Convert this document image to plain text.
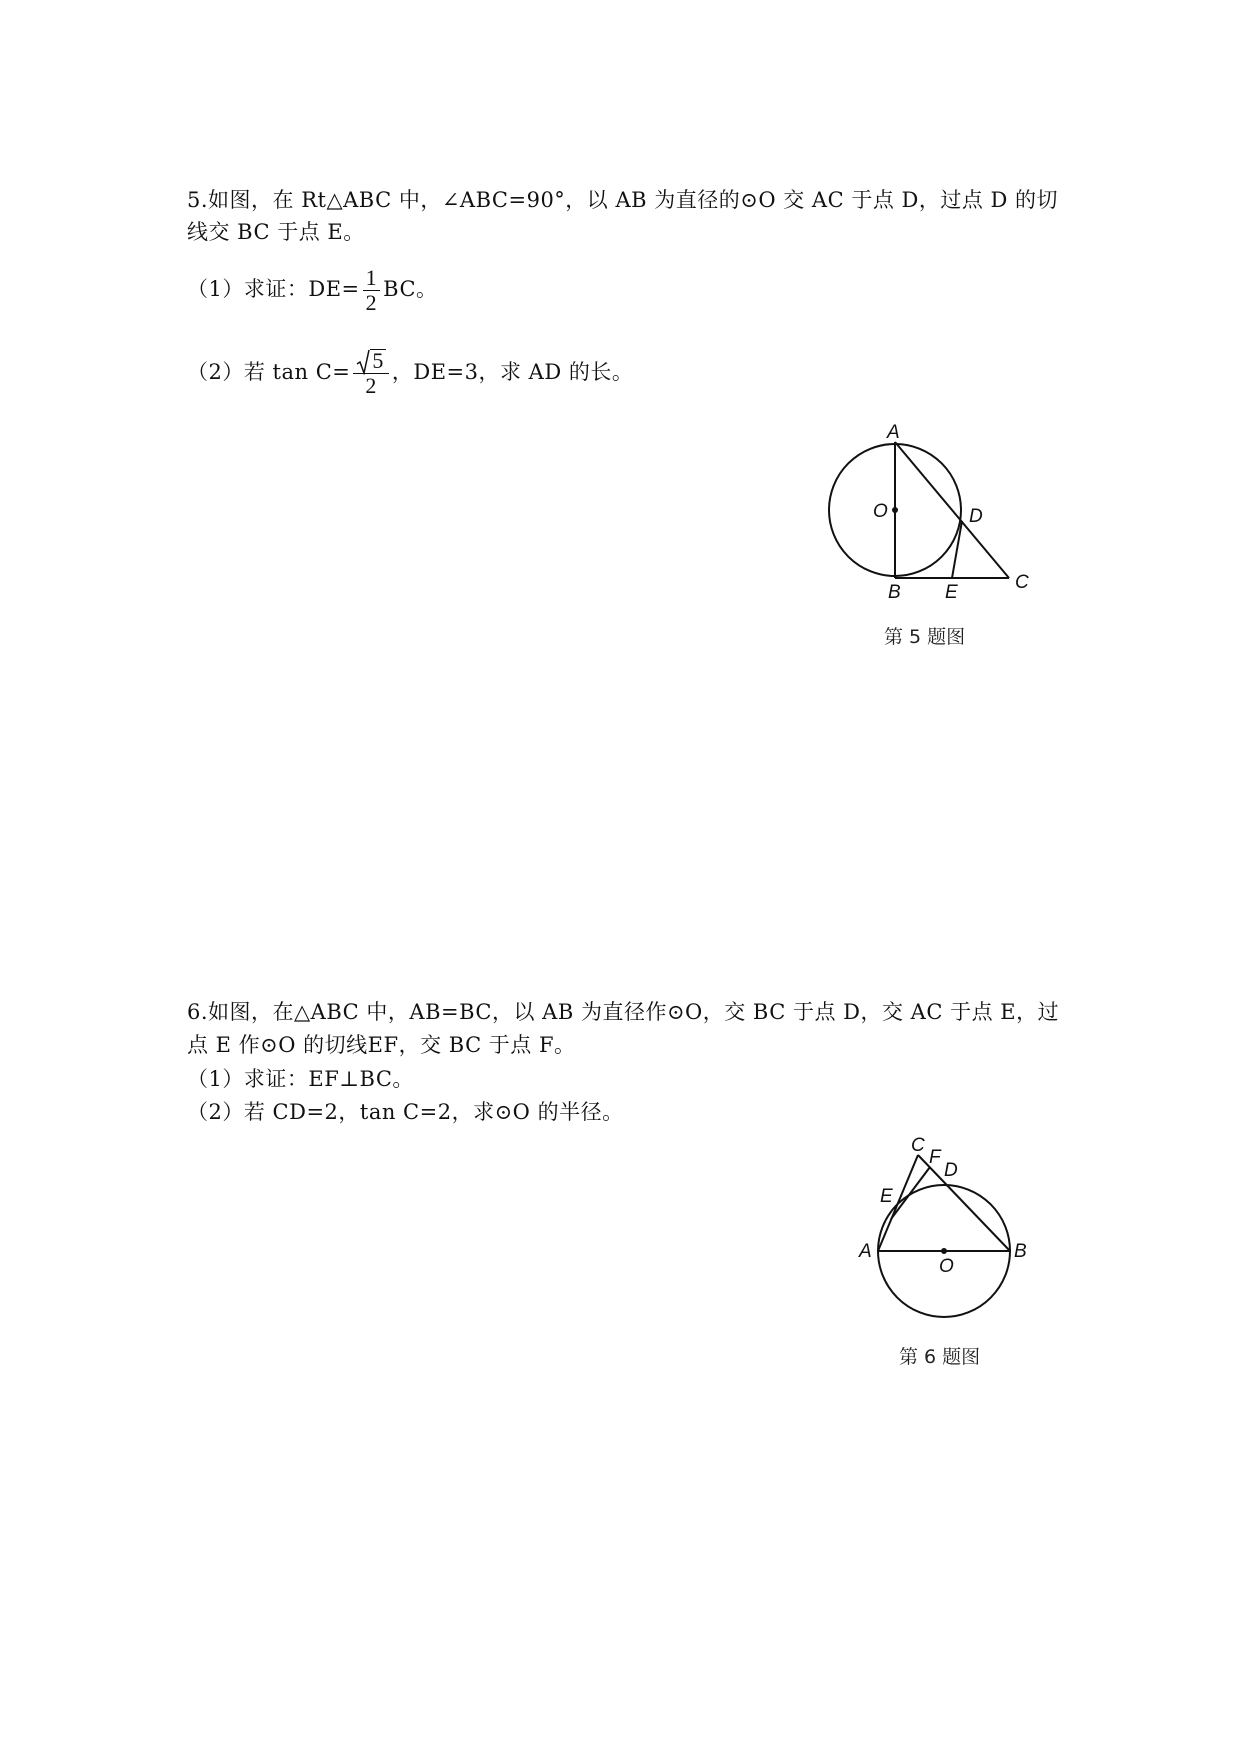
5.如图，在 Rt△ABC 中，∠ABC=90°，以 AB 为直径的⊙O 交 AC 于点 D，过点 D 的切
线交 BC 于点 E。
（1）求证：$DE= \frac{1}{2}$ BC。
（2）若 $\tan C= \frac{5}{2}$ ，DE=3，求 AD 的长。
A
O	D
B E	C
第 5 题图
6.如图，在△ABC 中，AB=BC，以 AB 为直径作⊙O，交 BC 于点 D，交 AC 于点 E，过
点 E 作⊙O 的切线EF，交 BC 于点 F。
（1）求证：EF⊥BC。
（2）若 CD=2，tan C=2，求⊙O 的半径。
C
F
D
E
A
O
B
第 6 题图
